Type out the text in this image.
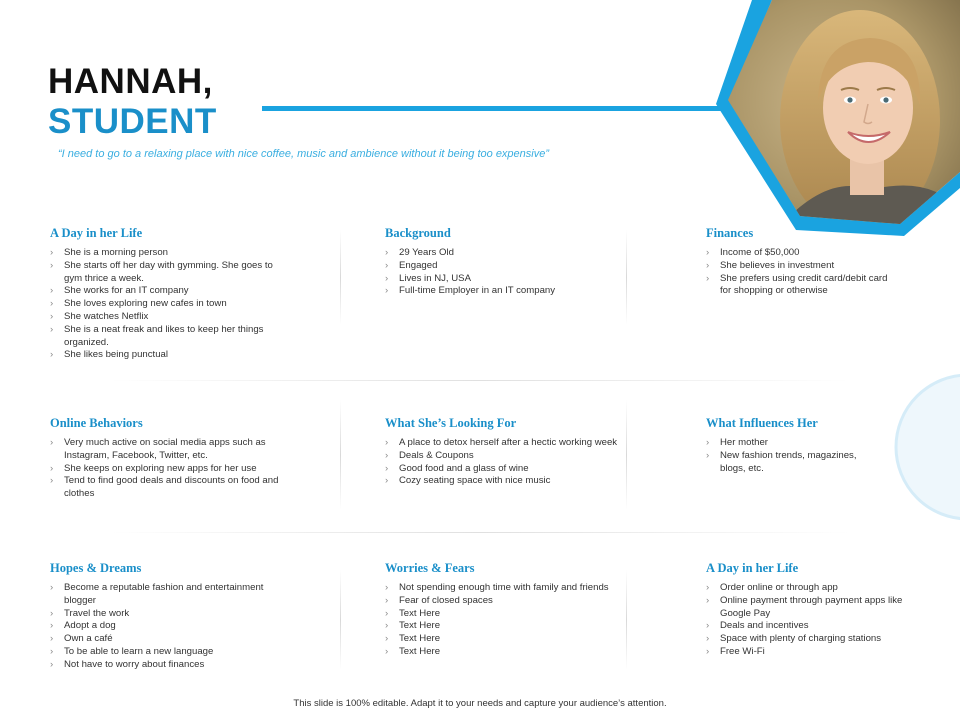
HANNAH,
STUDENT
“I need to go to a relaxing place with nice coffee, music and ambience without it being too expensive”
A Day in her Life
› She is a morning person
› She starts off her day with gymming. She goes to gym thrice a week.
› She works for an IT company
› She loves exploring new cafes in town
› She watches Netflix
› She is a neat freak and likes to keep her things organized.
› She likes being punctual
Background
› 29 Years Old
› Engaged
› Lives in NJ, USA
› Full-time Employer in an IT company
Finances
› Income of $50,000
› She believes in investment
› She prefers using credit card/debit card for shopping or otherwise
Online Behaviors
› Very much active on social media apps such as Instagram, Facebook, Twitter, etc.
› She keeps on exploring new apps for her use
› Tend to find good deals and discounts on food and clothes
What She’s Looking For
› A place to detox herself after a hectic working week
› Deals & Coupons
› Good food and a glass of wine
› Cozy seating space with nice music
What Influences Her
› Her mother
› New fashion trends, magazines, blogs, etc.
Hopes & Dreams
› Become a reputable fashion and entertainment blogger
› Travel the work
› Adopt a dog
› Own a café
› To be able to learn a new language
› Not have to worry about finances
Worries & Fears
› Not spending enough time with family and friends
› Fear of closed spaces
› Text Here
› Text Here
› Text Here
› Text Here
A Day in her Life
› Order online or through app
› Online payment through payment apps like Google Pay
› Deals and incentives
› Space with plenty of charging stations
› Free Wi-Fi
This slide is 100% editable. Adapt it to your needs and capture your audience’s attention.
